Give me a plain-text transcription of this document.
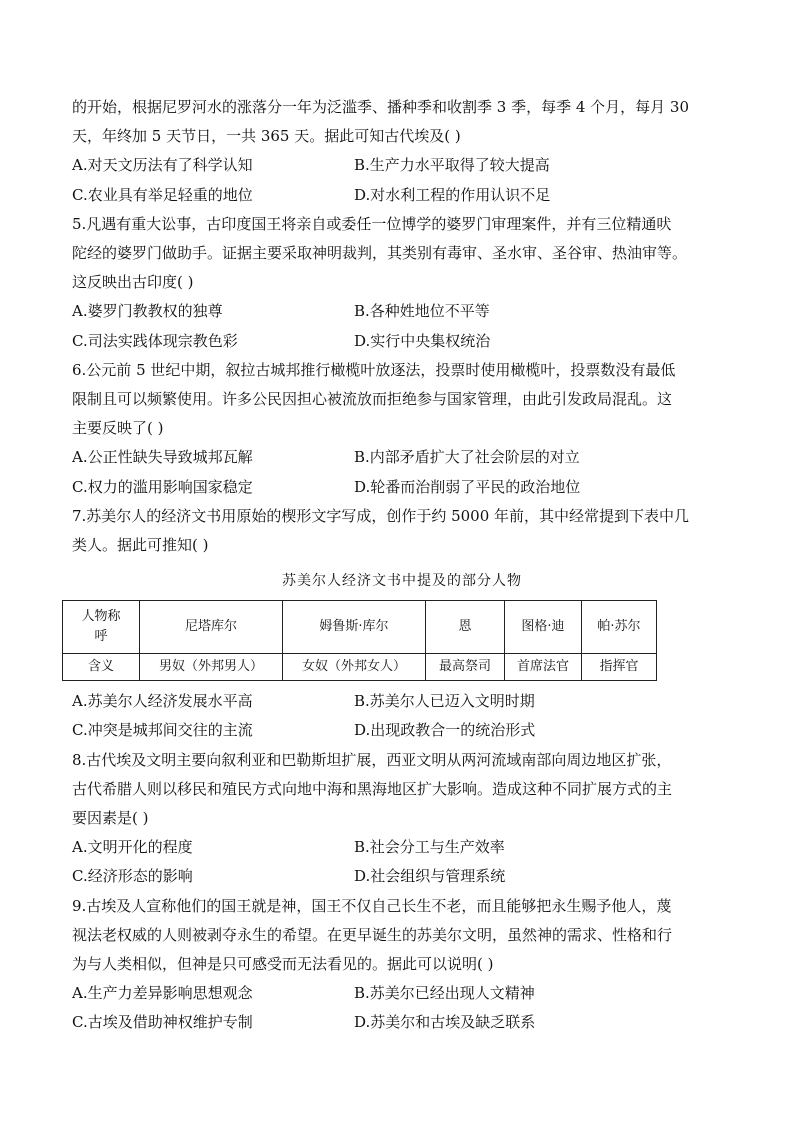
的开始，根据尼罗河水的涨落分一年为泛滥季、播种季和收割季 3 季，每季 4 个月，每月 30

天，年终加 5 天节日，一共 365 天。据此可知古代埃及( )

A.对天文历法有了科学认知	B.生产力水平取得了较大提高
C.农业具有举足轻重的地位	D.对水利工程的作用认识不足

5.凡遇有重大讼事，古印度国王将亲自或委任一位博学的婆罗门审理案件，并有三位精通吠

陀经的婆罗门做助手。证据主要采取神明裁判，其类别有毒审、圣水审、圣谷审、热油审等。

这反映出古印度( )

A.婆罗门教教权的独尊	B.各种姓地位不平等
C.司法实践体现宗教色彩	D.实行中央集权统治

6.公元前 5 世纪中期，叙拉古城邦推行橄榄叶放逐法，投票时使用橄榄叶，投票数没有最低

限制且可以频繁使用。许多公民因担心被流放而拒绝参与国家管理，由此引发政局混乱。这

主要反映了( )

A.公正性缺失导致城邦瓦解	B.内部矛盾扩大了社会阶层的对立
C.权力的滥用影响国家稳定	D.轮番而治削弱了平民的政治地位

7.苏美尔人的经济文书用原始的楔形文字写成，创作于约 5000 年前，其中经常提到下表中几

类人。据此可推知( )

苏美尔人经济文书中提及的部分人物
人物称
呼	尼塔库尔	姆鲁斯·库尔	恩	图格·迪	帕·苏尔
含义	男奴（外邦男人）	女奴（外邦女人）	最高祭司	首席法官	指挥官
A.苏美尔人经济发展水平高	B.苏美尔人已迈入文明时期
C.冲突是城邦间交往的主流	D.出现政教合一的统治形式

8.古代埃及文明主要向叙利亚和巴勒斯坦扩展，西亚文明从两河流域南部向周边地区扩张，

古代希腊人则以移民和殖民方式向地中海和黑海地区扩大影响。造成这种不同扩展方式的主

要因素是( )

A.文明开化的程度	B.社会分工与生产效率
C.经济形态的影响	D.社会组织与管理系统

9.古埃及人宣称他们的国王就是神，国王不仅自己长生不老，而且能够把永生赐予他人，蔑

视法老权威的人则被剥夺永生的希望。在更早诞生的苏美尔文明，虽然神的需求、性格和行

为与人类相似，但神是只可感受而无法看见的。据此可以说明( )

A.生产力差异影响思想观念	B.苏美尔已经出现人文精神
C.古埃及借助神权维护专制	D.苏美尔和古埃及缺乏联系
